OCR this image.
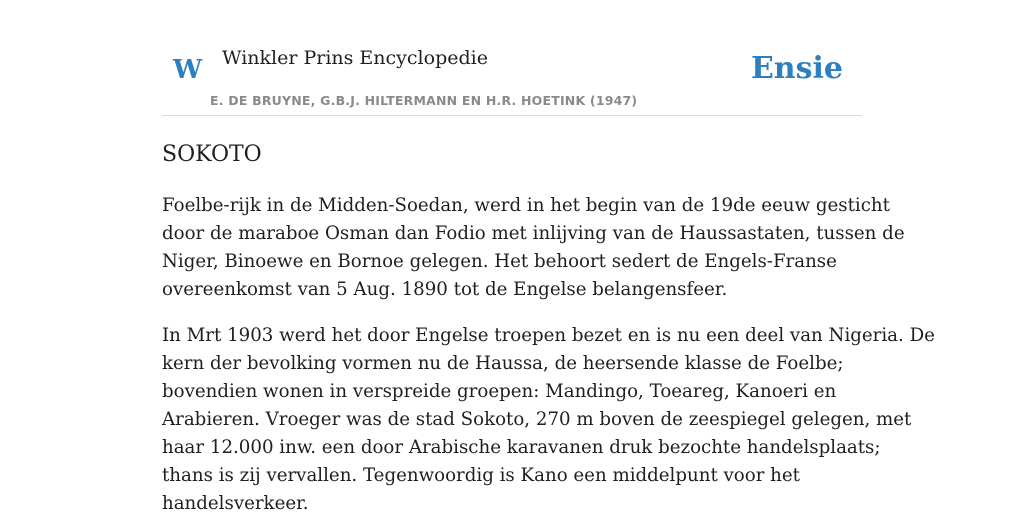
W Winkler Prins Encyclopedie
E. DE BRUYNE, G.B.J. HILTERMANN EN H.R. HOETINK (1947)
Ensie
SOKOTO

Foelbe-rijk in de Midden-Soedan, werd in het begin van de 19de eeuw gesticht
door de maraboe Osman dan Fodio met inlijving van de Haussastaten, tussen de
Niger, Binoewe en Bornoe gelegen. Het behoort sedert de Engels-Franse
overeenkomst van 5 Aug. 1890 tot de Engelse belangensfeer.

In Mrt 1903 werd het door Engelse troepen bezet en is nu een deel van Nigeria. De
kern der bevolking vormen nu de Haussa, de heersende klasse de Foelbe;
bovendien wonen in verspreide groepen: Mandingo, Toeareg, Kanoeri en
Arabieren. Vroeger was de stad Sokoto, 270 m boven de zeespiegel gelegen, met
haar 12.000 inw. een door Arabische karavanen druk bezochte handelsplaats;
thans is zij vervallen. Tegenwoordig is Kano een middelpunt voor het
handelsverkeer.
